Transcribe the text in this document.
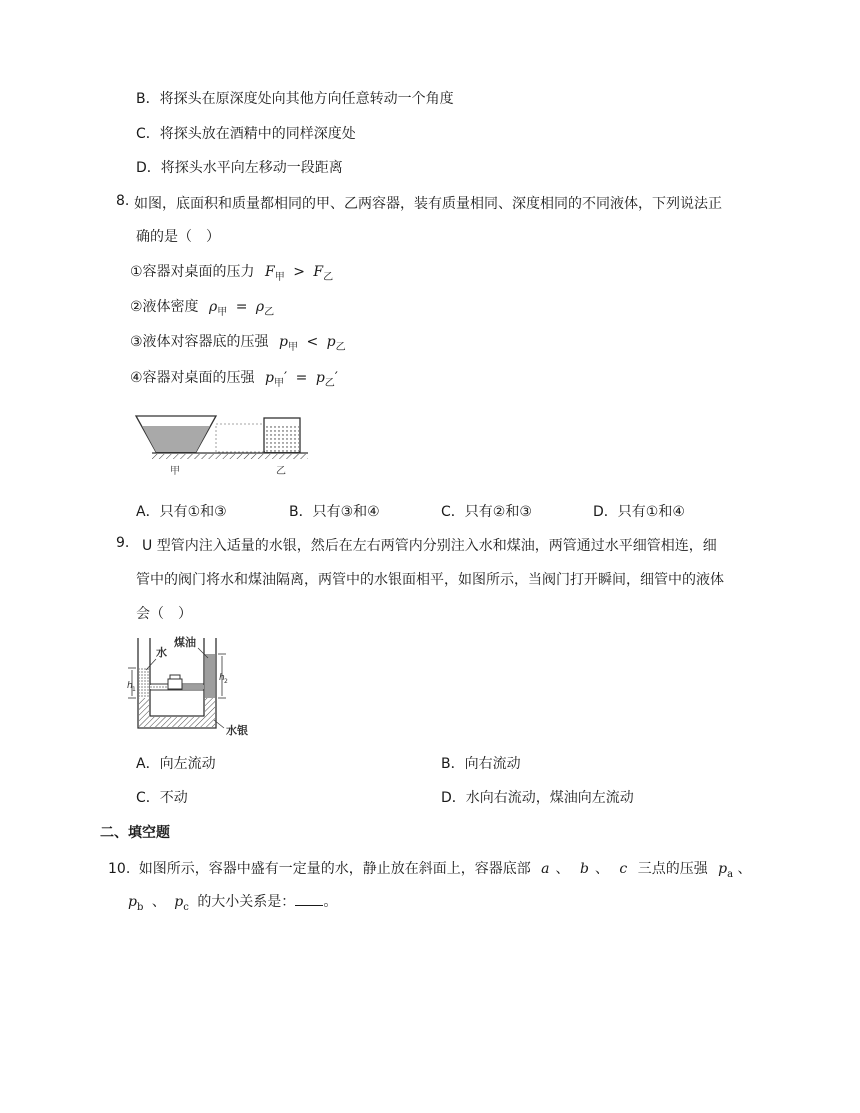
B．将探头在原深度处向其他方向任意转动一个角度
C．将探头放在酒精中的同样深度处
D．将探头水平向左移动一段距离
8. 如图，底面积和质量都相同的甲、乙两容器，装有质量相同、深度相同的不同液体，下列说法正
确的是（　）
①容器对桌面的压力 $F_甲 > F_乙$
②液体密度 $\rho_甲 = \rho_乙$
③液体对容器底的压强 $p_甲 < p_乙$
④容器对桌面的压强 $p_甲' = p_乙'$
甲	乙
A．只有①和③	B．只有③和④	C．只有②和③	D．只有①和④
9. U 型管内注入适量的水银，然后在左右两管内分别注入水和煤油，两管通过水平细管相连，细
管中的阀门将水和煤油隔离，两管中的水银面相平，如图所示，当阀门打开瞬间，细管中的液体
会（　）
h 1
h 2
水
煤油
水银
A．向左流动	B．向右流动
C．不动	D．水向右流动，煤油向左流动
二、填空题
10. 如图所示，容器中盛有一定量的水，静止放在斜面上，容器底部 a 、 b 、 c 三点的压强 $p_a$ 、
$p_b$ 、 $p_c$ 的大小关系是： 。
